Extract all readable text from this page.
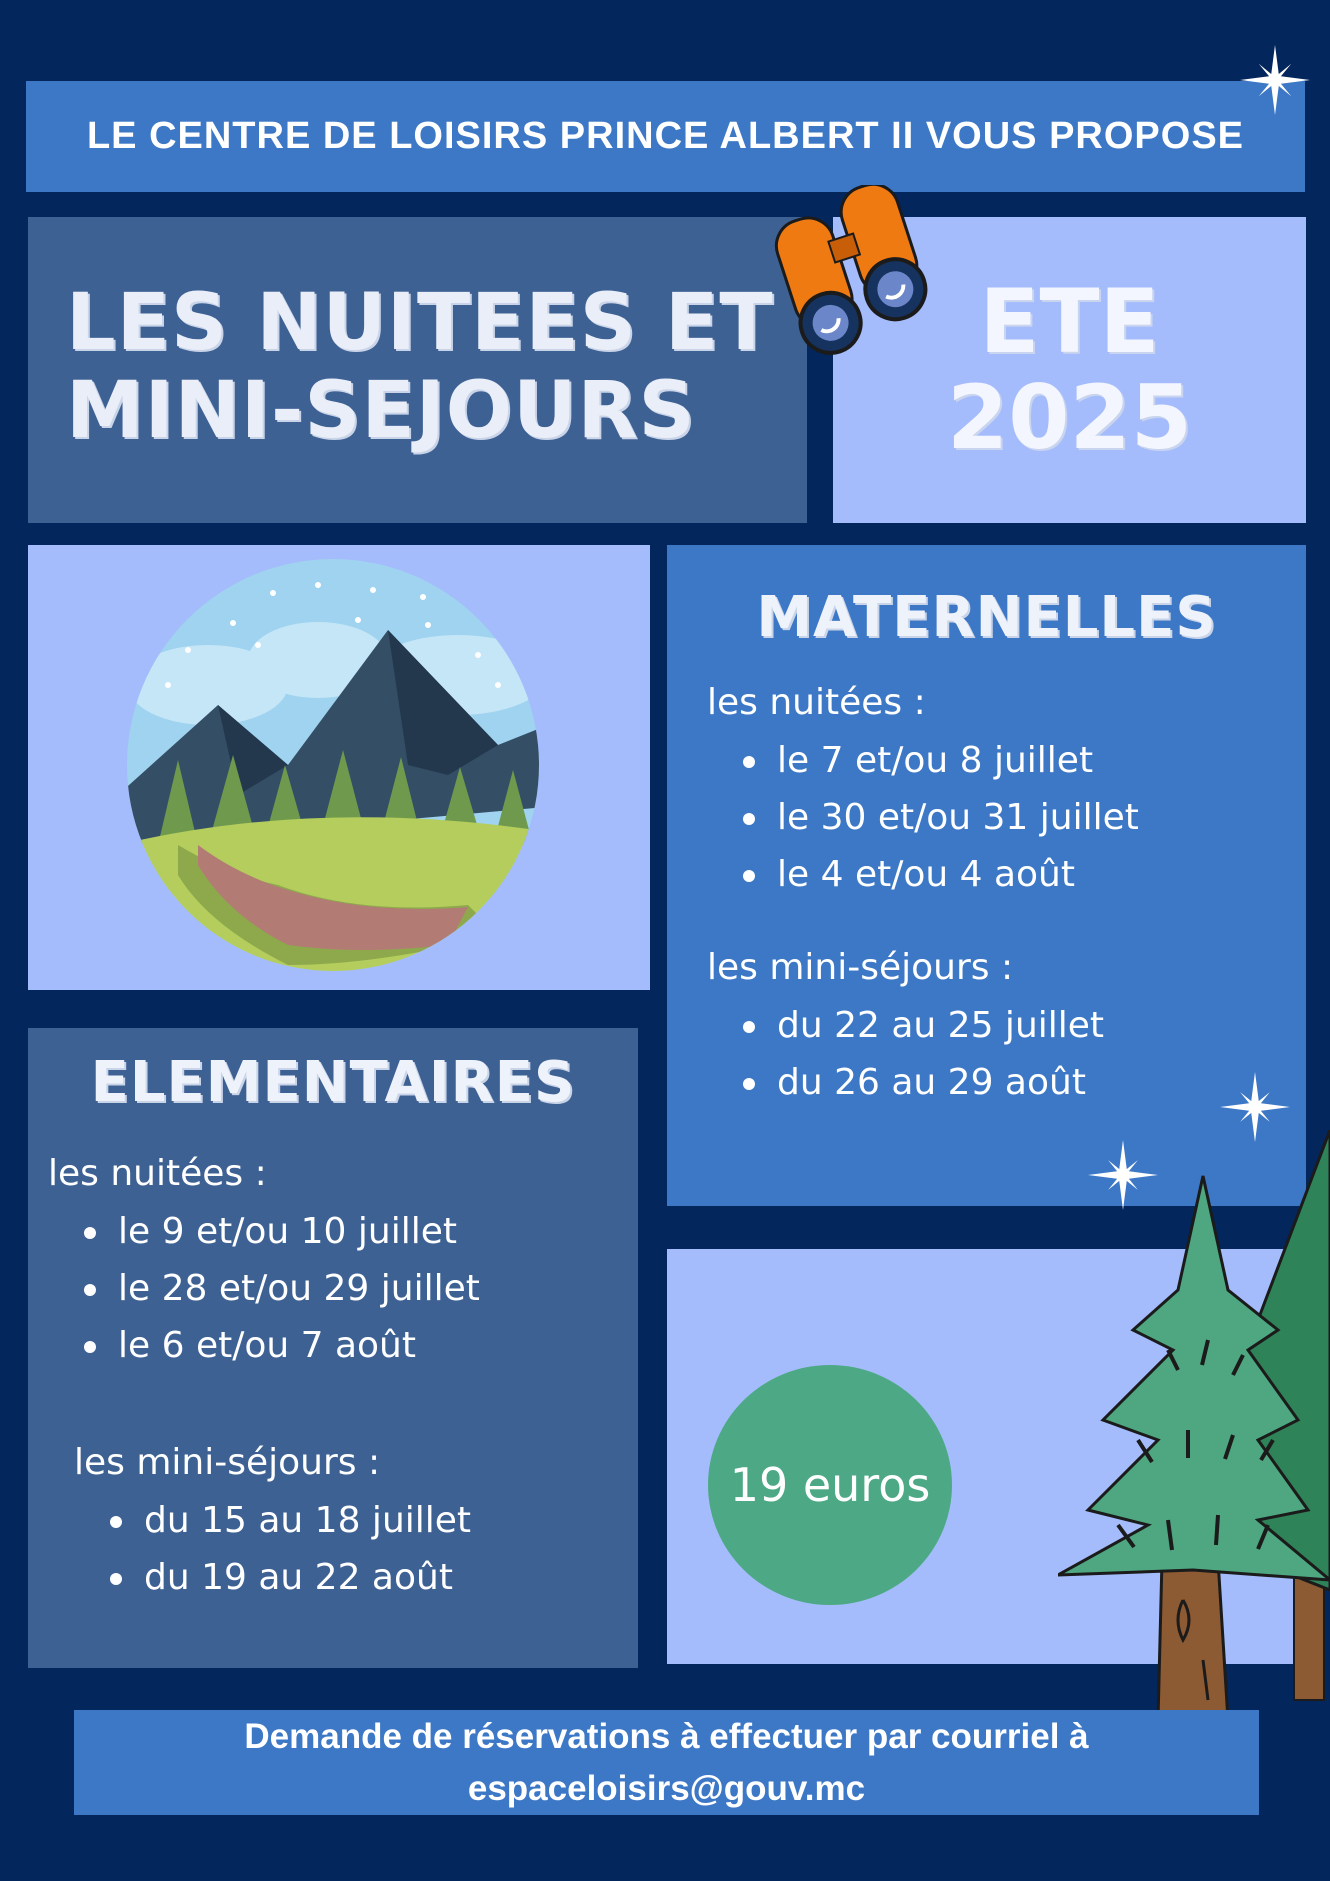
LE CENTRE DE LOISIRS PRINCE ALBERT II VOUS PROPOSE
LES NUITEES ET
MINI-SEJOURS
ETE
2025
MATERNELLES
les nuitées :
le 7 et/ou 8 juillet
le 30 et/ou 31 juillet
le 4 et/ou 4 août
les mini-séjours :
du 22 au 25 juillet
du 26 au 29 août
ELEMENTAIRES
les nuitées :
le 9 et/ou 10 juillet
le 28 et/ou 29 juillet
le 6 et/ou 7 août
les mini-séjours :
du 15 au 18 juillet
du 19 au 22 août
19 euros
Demande de réservations à effectuer par courriel à
espaceloisirs@gouv.mc
